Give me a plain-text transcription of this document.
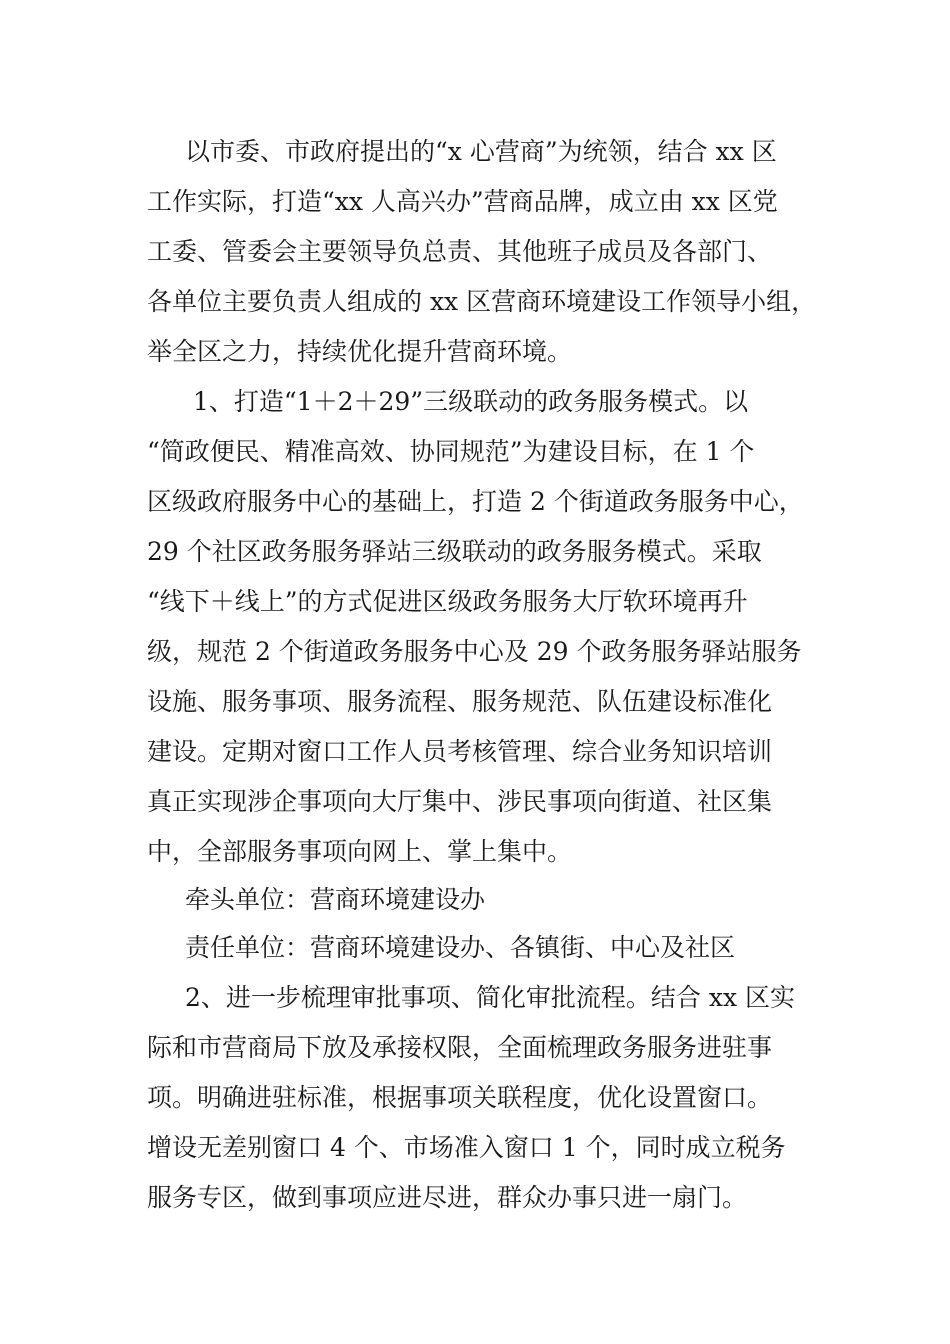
以市委、市政府提出的“x 心营商”为统领，结合 xx 区
工作实际，打造“xx 人高兴办”营商品牌，成立由 xx 区党
工委、管委会主要领导负总责、其他班子成员及各部门、
各单位主要负责人组成的 xx 区营商环境建设工作领导小组，
举全区之力，持续优化提升营商环境。
1、打造“1＋2＋29”三级联动的政务服务模式。以
“简政便民、精准高效、协同规范”为建设目标，在 1 个
区级政府服务中心的基础上，打造 2 个街道政务服务中心，
29 个社区政务服务驿站三级联动的政务服务模式。采取
“线下＋线上”的方式促进区级政务服务大厅软环境再升
级，规范 2 个街道政务服务中心及 29 个政务服务驿站服务
设施、服务事项、服务流程、服务规范、队伍建设标准化
建设。定期对窗口工作人员考核管理、综合业务知识培训
真正实现涉企事项向大厅集中、涉民事项向街道、社区集
中，全部服务事项向网上、掌上集中。
牵头单位：营商环境建设办
责任单位：营商环境建设办、各镇街、中心及社区
2、进一步梳理审批事项、简化审批流程。结合 xx 区实
际和市营商局下放及承接权限，全面梳理政务服务进驻事
项。明确进驻标准，根据事项关联程度，优化设置窗口。
增设无差别窗口 4 个、市场准入窗口 1 个，同时成立税务
服务专区，做到事项应进尽进，群众办事只进一扇门。
